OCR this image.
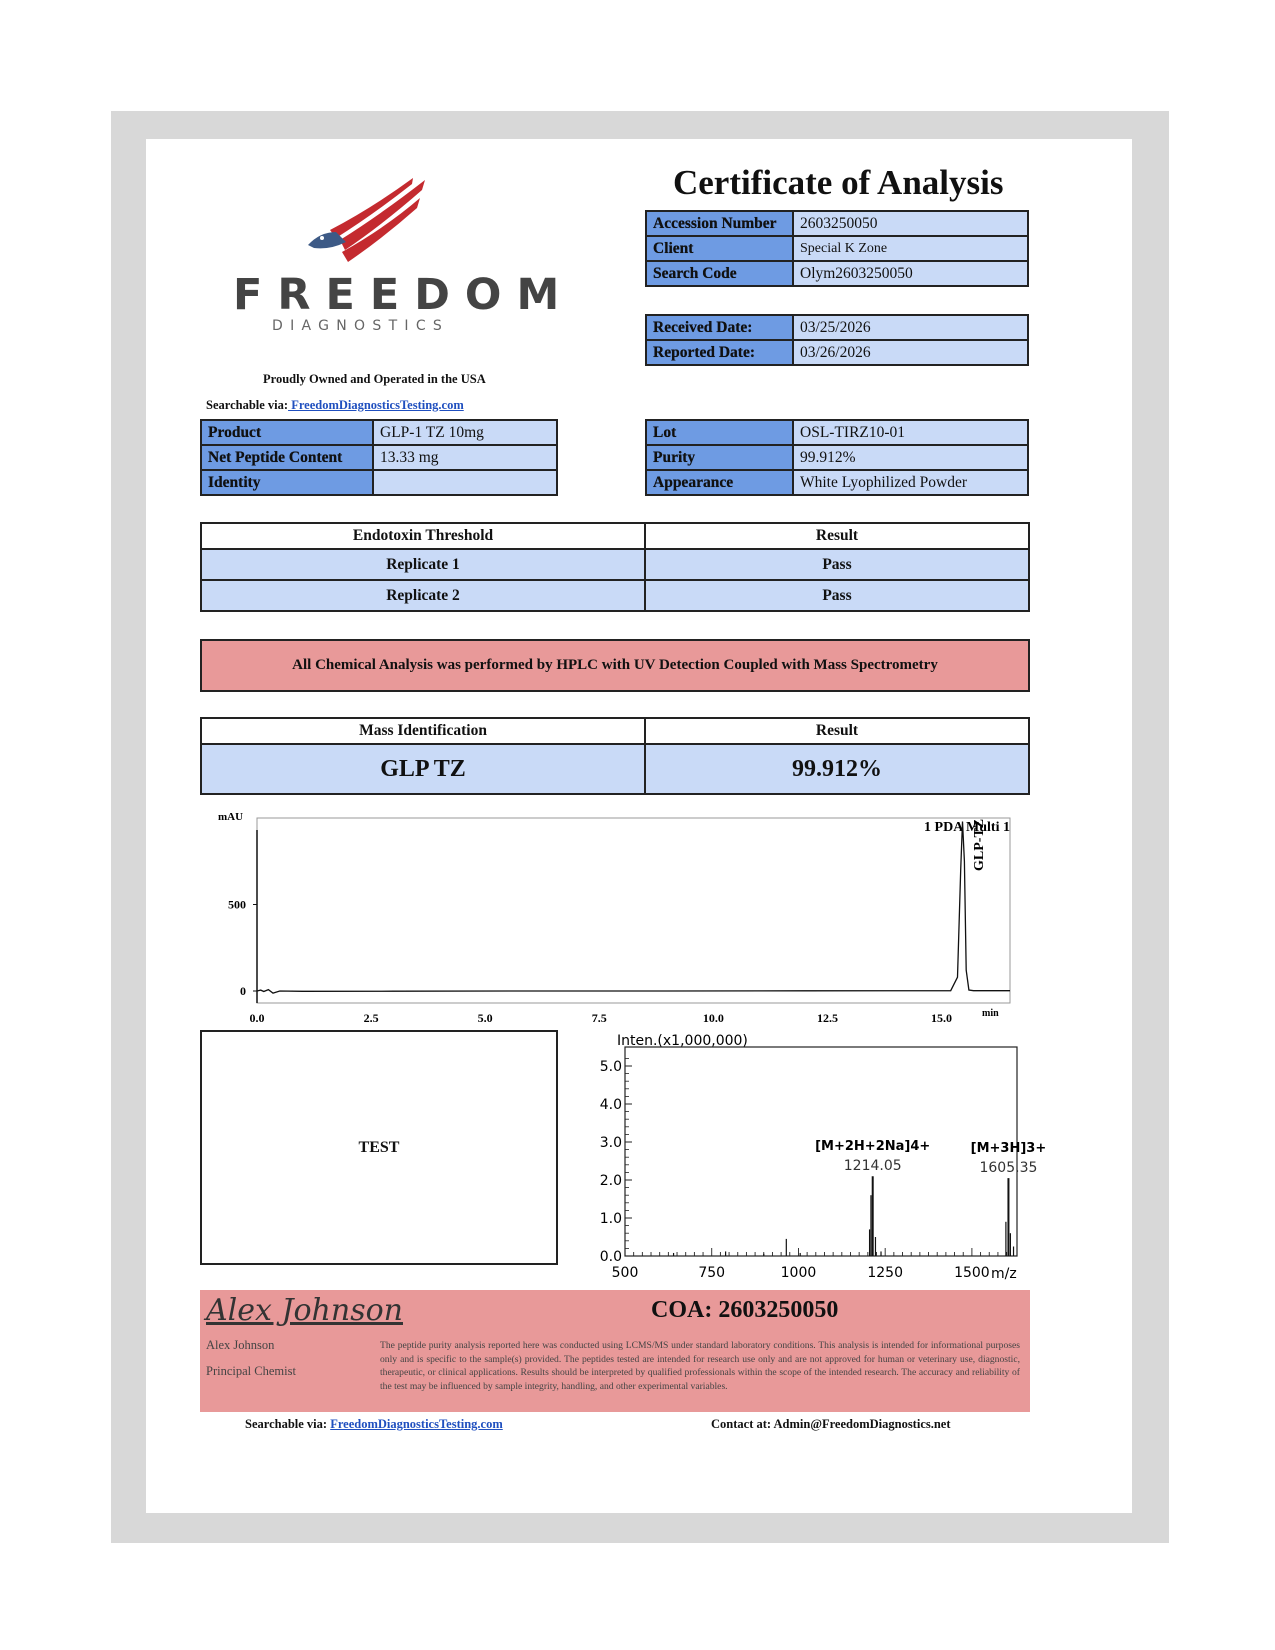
FREEDOM
DIAGNOSTICS
Proudly Owned and Operated in the USA
Searchable via: FreedomDiagnosticsTesting.com
Certificate of Analysis
Accession Number	2603250050
Client	Special K Zone
Search Code	Olym2603250050
Received Date:	03/25/2026
Reported Date:	03/26/2026
Product	GLP-1 TZ 10mg
Net Peptide Content	13.33 mg
Identity	
Lot	OSL-TIRZ10-01
Purity	99.912%
Appearance	White Lyophilized Powder
Endotoxin Threshold	Result
Replicate 1	Pass
Replicate 2	Pass
All Chemical Analysis was performed by HPLC with UV Detection Coupled with Mass Spectrometry
Mass Identification	Result
GLP TZ	99.912%
mAU
min
1 PDA Multi 1
GLP-TZ
0.0	2.5	5.0	7.5	10.0	12.5	15.0
0
500
TEST
Inten.(x1,000,000)
m/z
0.0
1.0
2.0
3.0
4.0
5.0
500	750	1000	1250	1500
1214.05
[M+2H+2Na]4+
1605.35
[M+3H]3+
Alex Johnson
Alex Johnson
Principal Chemist
COA: 2603250050
The peptide purity analysis reported here was conducted using LCMS/MS under standard laboratory conditions. This analysis is intended for informational purposes only and is specific to the sample(s) provided. The peptides tested are intended for research use only and are not approved for human or veterinary use, diagnostic, therapeutic, or clinical applications. Results should be interpreted by qualified professionals within the scope of the intended research. The accuracy and reliability of the test may be influenced by sample integrity, handling, and other experimental variables.
Searchable via: FreedomDiagnosticsTesting.com	Contact at: Admin@FreedomDiagnostics.net
